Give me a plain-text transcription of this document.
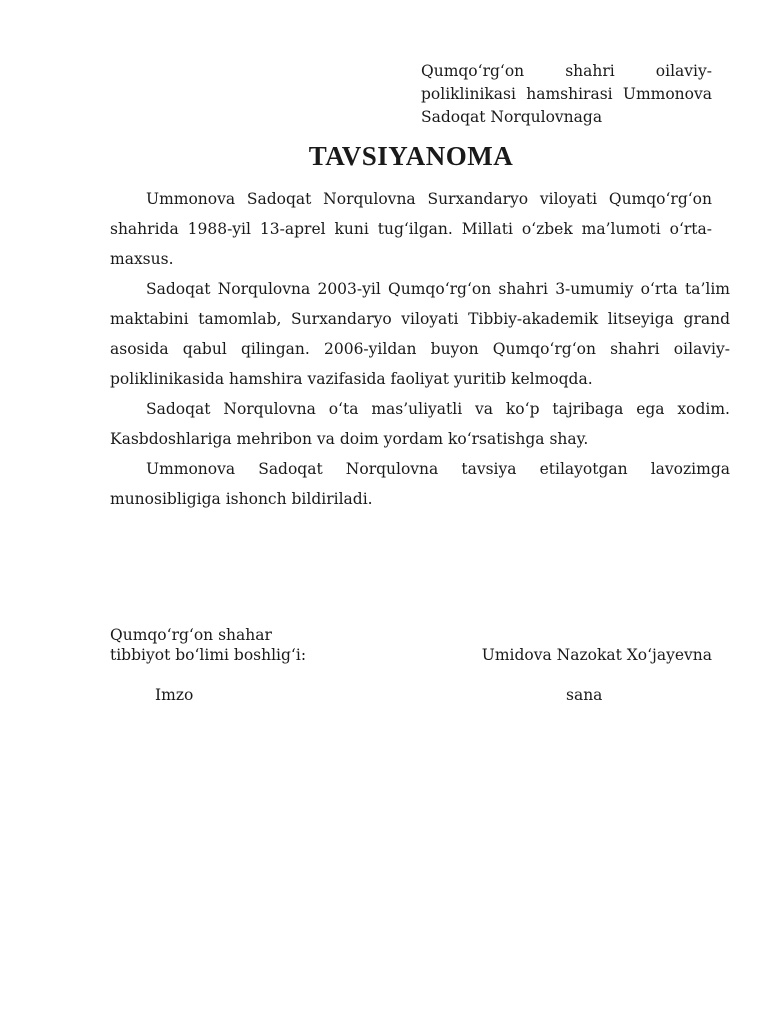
Qumqo‘rg‘on shahri oilaviy-poliklinikasi hamshirasi Ummonova Sadoqat Norqulovnaga
TAVSIYANOMA

Ummonova Sadoqat Norqulovna Surxandaryo viloyati Qumqo‘rg‘on shahrida 1988-yil 13-aprel kuni tug‘ilgan. Millati o‘zbek ma’lumoti o‘rta-maxsus.

Sadoqat Norqulovna 2003-yil Qumqo‘rg‘on shahri 3-umumiy o‘rta ta’lim maktabini tamomlab, Surxandaryo viloyati Tibbiy-akademik litseyiga grand asosida qabul qilingan. 2006-yildan buyon Qumqo‘rg‘on shahri oilaviy-poliklinikasida hamshira vazifasida faoliyat yuritib kelmoqda.

Sadoqat Norqulovna o‘ta mas’uliyatli va ko‘p tajribaga ega xodim. Kasbdoshlariga mehribon va doim yordam ko‘rsatishga shay.

Ummonova Sadoqat Norqulovna tavsiya etilayotgan lavozimga munosibligiga ishonch bildiriladi.

Qumqo‘rg‘on shahar
tibbiyot bo‘limi boshlig‘i:	Umidova Nazokat Xo‘jayevna
Imzo	sana
